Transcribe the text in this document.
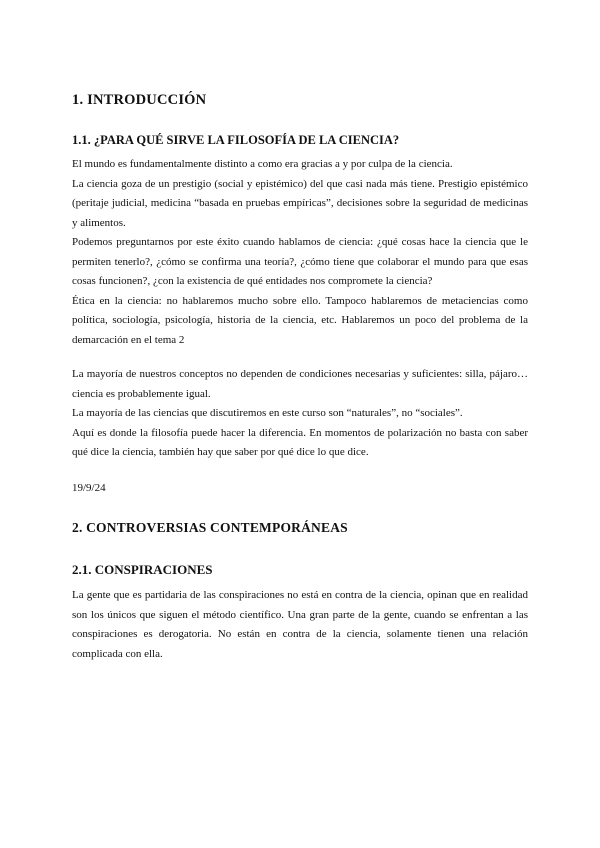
1. INTRODUCCIÓN
1.1. ¿PARA QUÉ SIRVE LA FILOSOFÍA DE LA CIENCIA?

El mundo es fundamentalmente distinto a como era gracias a y por culpa de la ciencia.

La ciencia goza de un prestigio (social y epistémico) del que casi nada más tiene. Prestigio epistémico (peritaje judicial, medicina “basada en pruebas empíricas”, decisiones sobre la seguridad de medicinas y alimentos.

Podemos preguntarnos por este éxito cuando hablamos de ciencia: ¿qué cosas hace la ciencia que le permiten tenerlo?, ¿cómo se confirma una teoría?, ¿cómo tiene que colaborar el mundo para que esas cosas funcionen?, ¿con la existencia de qué entidades nos compromete la ciencia?

Ética en la ciencia: no hablaremos mucho sobre ello. Tampoco hablaremos de metaciencias como política, sociología, psicología, historia de la ciencia, etc. Hablaremos un poco del problema de la demarcación en el tema 2

La mayoría de nuestros conceptos no dependen de condiciones necesarias y suficientes: silla, pájaro… ciencia es probablemente igual.

La mayoría de las ciencias que discutiremos en este curso son “naturales”, no “sociales”.

Aquí es donde la filosofía puede hacer la diferencia. En momentos de polarización no basta con saber qué dice la ciencia, también hay que saber por qué dice lo que dice.

19/9/24

2. CONTROVERSIAS CONTEMPORÁNEAS
2.1. CONSPIRACIONES

La gente que es partidaria de las conspiraciones no está en contra de la ciencia, opinan que en realidad son los únicos que siguen el método científico. Una gran parte de la gente, cuando se enfrentan a las conspiraciones es derogatoria. No están en contra de la ciencia, solamente tienen una relación complicada con ella.
